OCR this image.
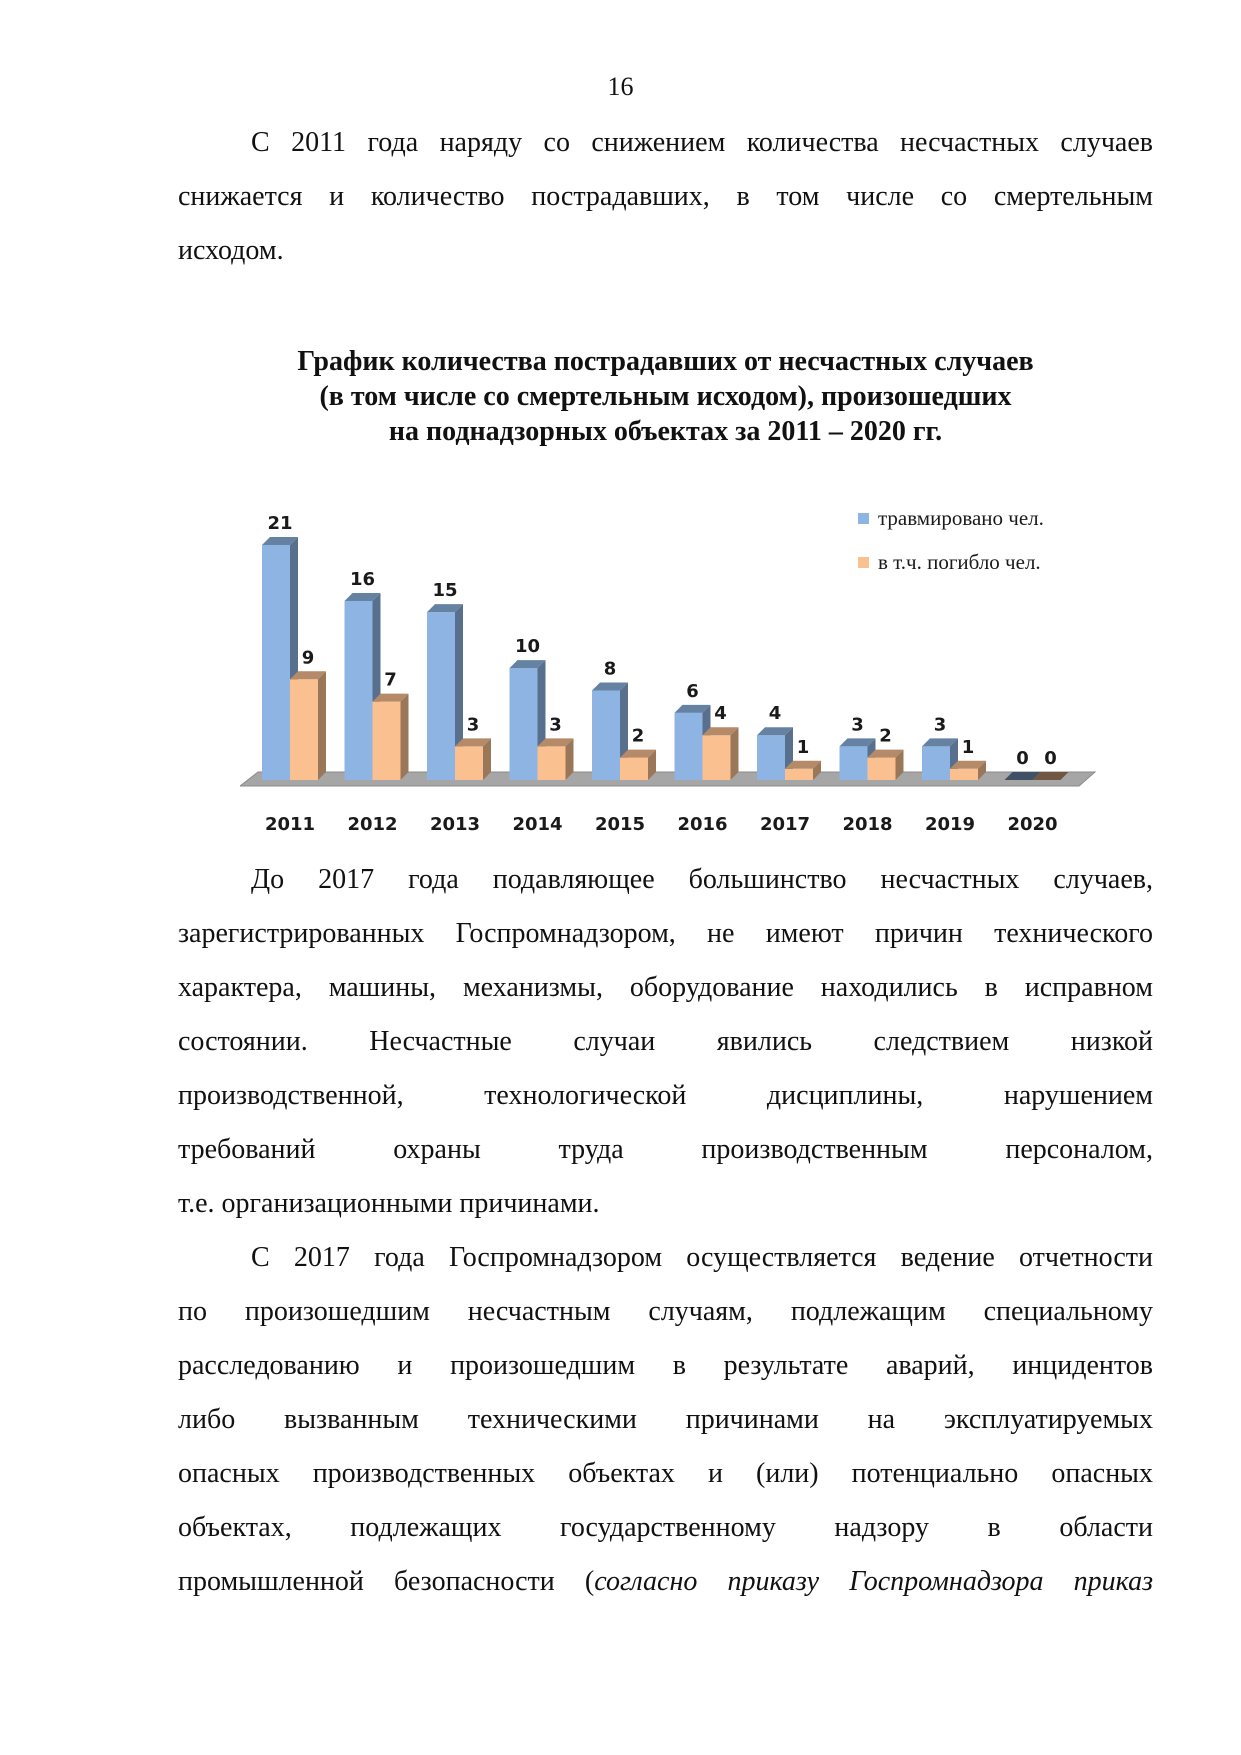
16

С 2011 года наряду со снижением количества несчастных случаев
снижается и количество пострадавших, в том числе со смертельным
исходом.

График количества пострадавших от несчастных случаев
(в том числе со смертельным исходом), произошедших
на поднадзорных объектах за 2011 – 2020 гг.
21
9
2011
16
7
2012
15
3
2013
10
3
2014
8
2
2015
6
4
2016
4
1
2017
3
2
2018
3
1
2019
0 0
2020
травмировано чел.
в т.ч. погибло чел.

До 2017 года подавляющее большинство несчастных случаев,
зарегистрированных Госпромнадзором, не имеют причин технического
характера, машины, механизмы, оборудование находились в исправном
состоянии. Несчастные случаи явились следствием низкой
производственной, технологической дисциплины, нарушением
требований охраны труда производственным персоналом,
т.е. организационными причинами.

С 2017 года Госпромнадзором осуществляется ведение отчетности
по произошедшим несчастным случаям, подлежащим специальному
расследованию и произошедшим в результате аварий, инцидентов
либо вызванным техническими причинами на эксплуатируемых
опасных производственных объектах и (или) потенциально опасных
объектах, подлежащих государственному надзору в области
промышленной безопасности (согласно приказу Госпромнадзора приказ
